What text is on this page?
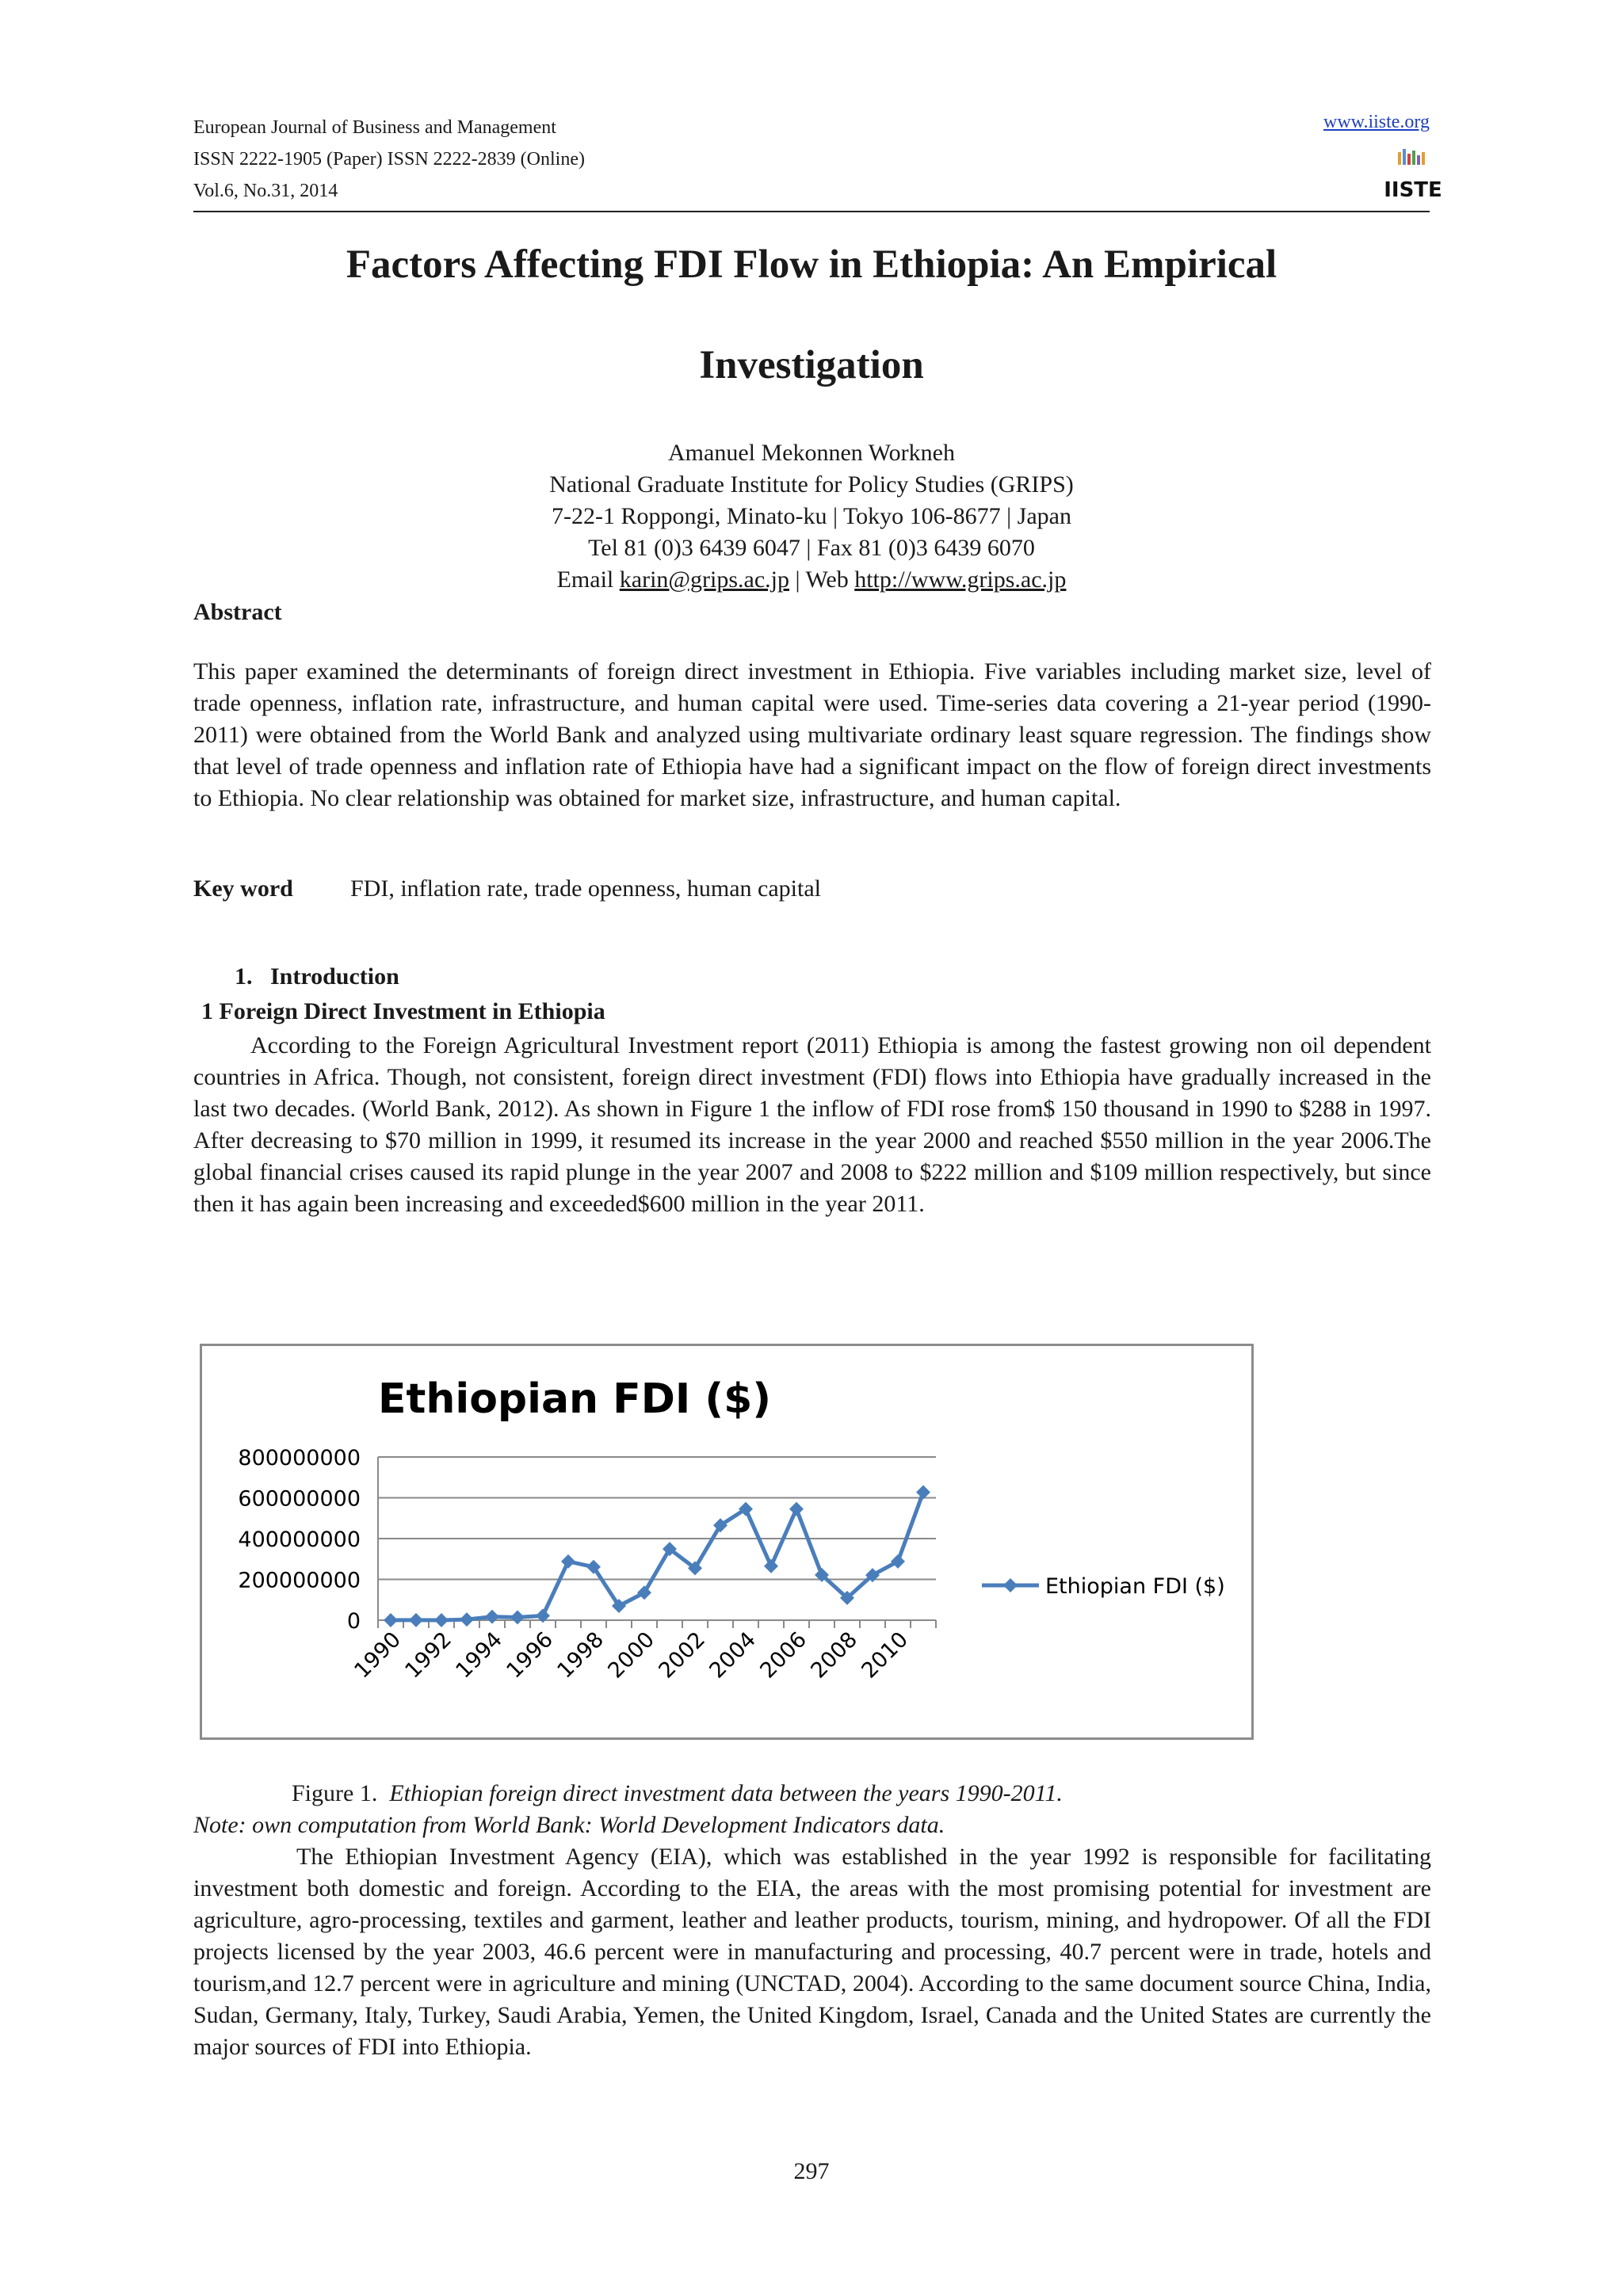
European Journal of Business and Management
ISSN 2222-1905 (Paper) ISSN 2222-2839 (Online)
Vol.6, No.31, 2014
www.iiste.org
IISTE
Factors Affecting FDI Flow in Ethiopia: An Empirical
Investigation
Amanuel Mekonnen Workneh
National Graduate Institute for Policy Studies (GRIPS)
7-22-1 Roppongi, Minato-ku | Tokyo 106-8677 | Japan
Tel 81 (0)3 6439 6047 | Fax 81 (0)3 6439 6070
Email karin@grips.ac.jp | Web http://www.grips.ac.jp
Abstract
This paper examined the determinants of foreign direct investment in Ethiopia. Five variables including market size, level of trade openness, inflation rate, infrastructure, and human capital were used. Time-series data covering a 21-year period (1990-2011) were obtained from the World Bank and analyzed using multivariate ordinary least square regression. The findings show that level of trade openness and inflation rate of Ethiopia have had a significant impact on the flow of foreign direct investments to Ethiopia. No clear relationship was obtained for market size, infrastructure, and human capital.
Key word FDI, inflation rate, trade openness, human capital
1.   Introduction
1 Foreign Direct Investment in Ethiopia
According to the Foreign Agricultural Investment report (2011) Ethiopia is among the fastest growing non oil dependent countries in Africa. Though, not consistent, foreign direct investment (FDI) flows into Ethiopia have gradually increased in the last two decades. (World Bank, 2012). As shown in Figure 1 the inflow of FDI rose from$ 150 thousand in 1990 to $288 in 1997. After decreasing to $70 million in 1999, it resumed its increase in the year 2000 and reached $550 million in the year 2006.The global financial crises caused its rapid plunge in the year 2007 and 2008 to $222 million and $109 million respectively, but since then it has again been increasing and exceeded$600 million in the year 2011.
Ethiopian FDI ($)
0
200000000
400000000
600000000
800000000
1990
1992
1994
1996
1998
2000
2002
2004
2006
2008
2010
Ethiopian FDI ($)
Figure 1. Ethiopian foreign direct investment data between the years 1990-2011.
Note: own computation from World Bank: World Development Indicators data.
The Ethiopian Investment Agency (EIA), which was established in the year 1992 is responsible for facilitating investment both domestic and foreign. According to the EIA, the areas with the most promising potential for investment are agriculture, agro-processing, textiles and garment, leather and leather products, tourism, mining, and hydropower. Of all the FDI projects licensed by the year 2003, 46.6 percent were in manufacturing and processing, 40.7 percent were in trade, hotels and tourism,and 12.7 percent were in agriculture and mining (UNCTAD, 2004). According to the same document source China, India, Sudan, Germany, Italy, Turkey, Saudi Arabia, Yemen, the United Kingdom, Israel, Canada and the United States are currently the major sources of FDI into Ethiopia.
297
